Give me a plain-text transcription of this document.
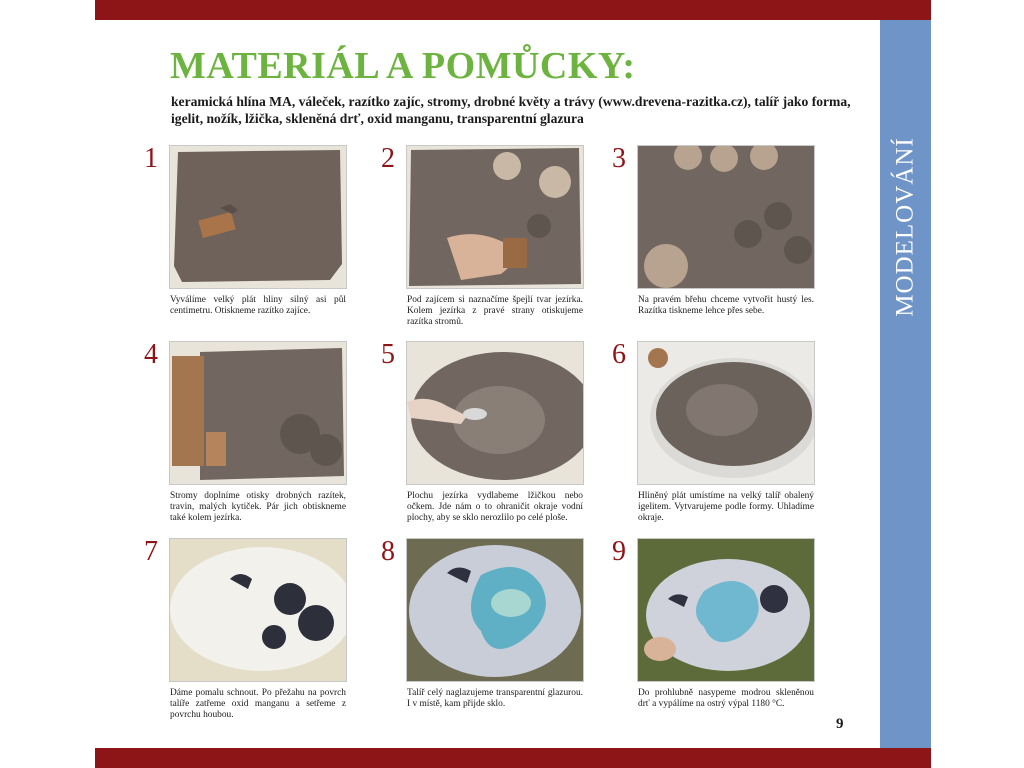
MODELOVÁNÍ
MATERIÁL A POMŮCKY:

keramická hlína MA, váleček, razítko zajíc, stromy, drobné květy a trávy (www.drevena-razitka.cz), talíř jako forma, igelit, nožík, lžička, skleněná drť, oxid manganu, transparentní glazura

1

Vyválíme velký plát hliny silný asi půl centimetru. Otiskneme razítko zajíce.

2

Pod zajícem si naznačíme špejlí tvar jezírka. Kolem jezírka z pravé strany otiskujeme razítka stromů.

3

Na pravém břehu chceme vytvořit hustý les. Razítka tiskneme lehce přes sebe.

4

Stromy doplníme otisky drobných razítek, travin, malých kytiček. Pár jich obtiskneme také kolem jezírka.

5

Plochu jezírka vydlabeme lžičkou nebo očkem. Jde nám o to ohraničit okraje vodní plochy, aby se sklo nerozlilo po celé ploše.

6

Hliněný plát umístíme na velký talíř obalený igelitem. Vytvarujeme podle formy. Uhladíme okraje.

7

Dáme pomalu schnout. Po přežahu na povrch talíře zatřeme oxid manganu a setřeme z povrchu houbou.

8

Talíř celý naglazujeme transparentní glazurou. I v místě, kam přijde sklo.

9

Do prohlubně nasypeme modrou skleněnou drť a vypálíme na ostrý výpal 1180 °C.

9
